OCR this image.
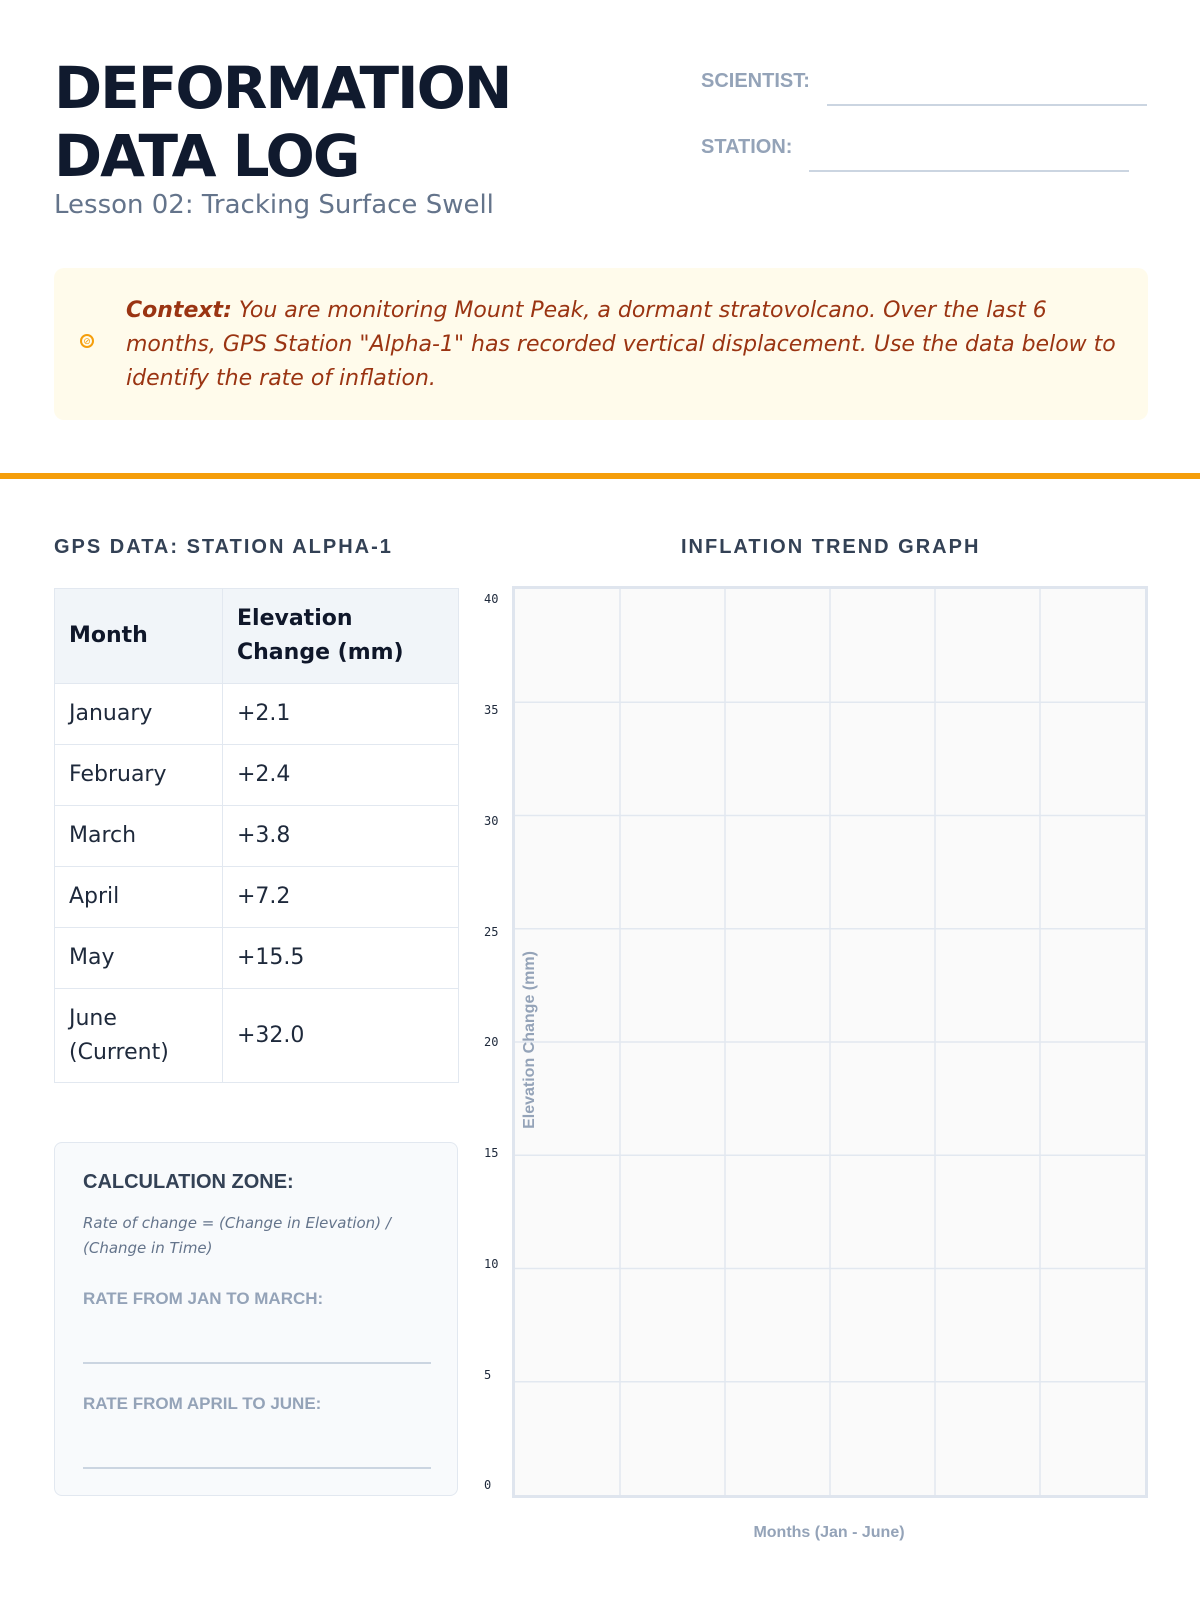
DEFORMATION
DATA LOG
Lesson 02: Tracking Surface Swell
SCIENTIST:
STATION:
⊘

Context: You are monitoring Mount Peak, a dormant stratovolcano. Over the last 6 months, GPS Station "Alpha-1" has recorded vertical displacement. Use the data below to identify the rate of inflation.

GPS DATA: STATION ALPHA-1	INFLATION TREND GRAPH
Month	Elevation Change (mm)
January	+2.1
February	+2.4
March	+3.8
April	+7.2
May	+15.5
June (Current)	+32.0
CALCULATION ZONE:
Rate of change = (Change in Elevation) / (Change in Time)
RATE FROM JAN TO MARCH:
RATE FROM APRIL TO JUNE:
40
35
30
25
20
15
10
5
0
Elevation Change (mm)
Months (Jan - June)
